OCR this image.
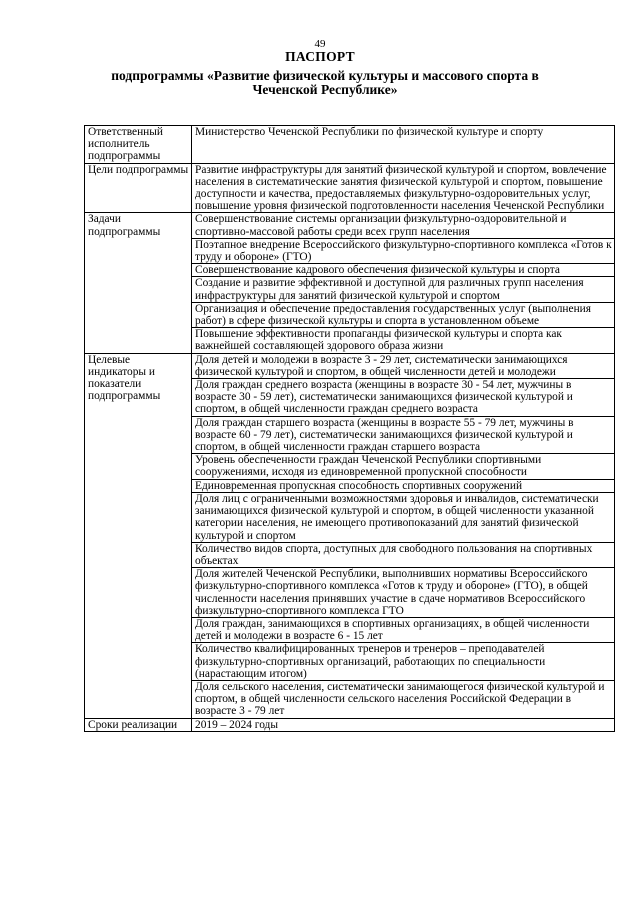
49
ПАСПОРТ
подпрограммы «Развитие физической культуры и массового спорта в Чеченской Республике»
Ответственный исполнитель подпрограммы	Министерство Чеченской Республики по физической культуре и спорту

Цели подпрограммы	Развитие инфраструктуры для занятий физической культурой и спортом, вовлечение населения в систематические занятия физической культурой и спортом, повышение доступности и качества, предоставляемых физкультурно-оздоровительных услуг, повышение уровня физической подготовленности населения Чеченской Республики

Задачи подпрограммы	Совершенствование системы организации физкультурно-оздоровительной и спортивно-массовой работы среди всех групп населения

	Поэтапное внедрение Всероссийского физкультурно-спортивного комплекса «Готов к труду и обороне» (ГТО)

	Совершенствование кадрового обеспечения физической культуры и спорта

	Создание и развитие эффективной и доступной для различных групп населения инфраструктуры для занятий физической культурой и спортом

	Организация и обеспечение предоставления государственных услуг (выполнения работ) в сфере физической культуры и спорта в установленном объеме

	Повышение эффективности пропаганды физической культуры и спорта как важнейшей составляющей здорового образа жизни

Целевые индикаторы и показатели подпрограммы	Доля детей и молодежи в возрасте 3 - 29 лет, систематически занимающихся физической культурой и спортом, в общей численности детей и молодежи

	Доля граждан среднего возраста (женщины в возрасте 30 - 54 лет, мужчины в возрасте 30 - 59 лет), систематически занимающихся физической культурой и спортом, в общей численности граждан среднего возраста

	Доля граждан старшего возраста (женщины в возрасте 55 - 79 лет, мужчины в возрасте 60 - 79 лет), систематически занимающихся физической культурой и спортом, в общей численности граждан старшего возраста

	Уровень обеспеченности граждан Чеченской Республики спортивными сооружениями, исходя из единовременной пропускной способности

	Единовременная пропускная способность спортивных сооружений

	Доля лиц с ограниченными возможностями здоровья и инвалидов, систематически занимающихся физической культурой и спортом, в общей численности указанной категории населения, не имеющего противопоказаний для занятий физической культурой и спортом

	Количество видов спорта, доступных для свободного пользования на спортивных объектах

	Доля жителей Чеченской Республики, выполнивших нормативы Всероссийского физкультурно-спортивного комплекса «Готов к труду и обороне» (ГТО), в общей численности населения принявших участие в сдаче нормативов Всероссийского физкультурно-спортивного комплекса ГТО

	Доля граждан, занимающихся в спортивных организациях, в общей численности детей и молодежи в возрасте 6 - 15 лет

	Количество квалифицированных тренеров и тренеров – преподавателей физкультурно-спортивных организаций, работающих по специальности (нарастающим итогом)

	Доля сельского населения, систематически занимающегося физической культурой и спортом, в общей численности сельского населения Российской Федерации в возрасте 3 - 79 лет

Сроки реализации	2019 – 2024 годы
